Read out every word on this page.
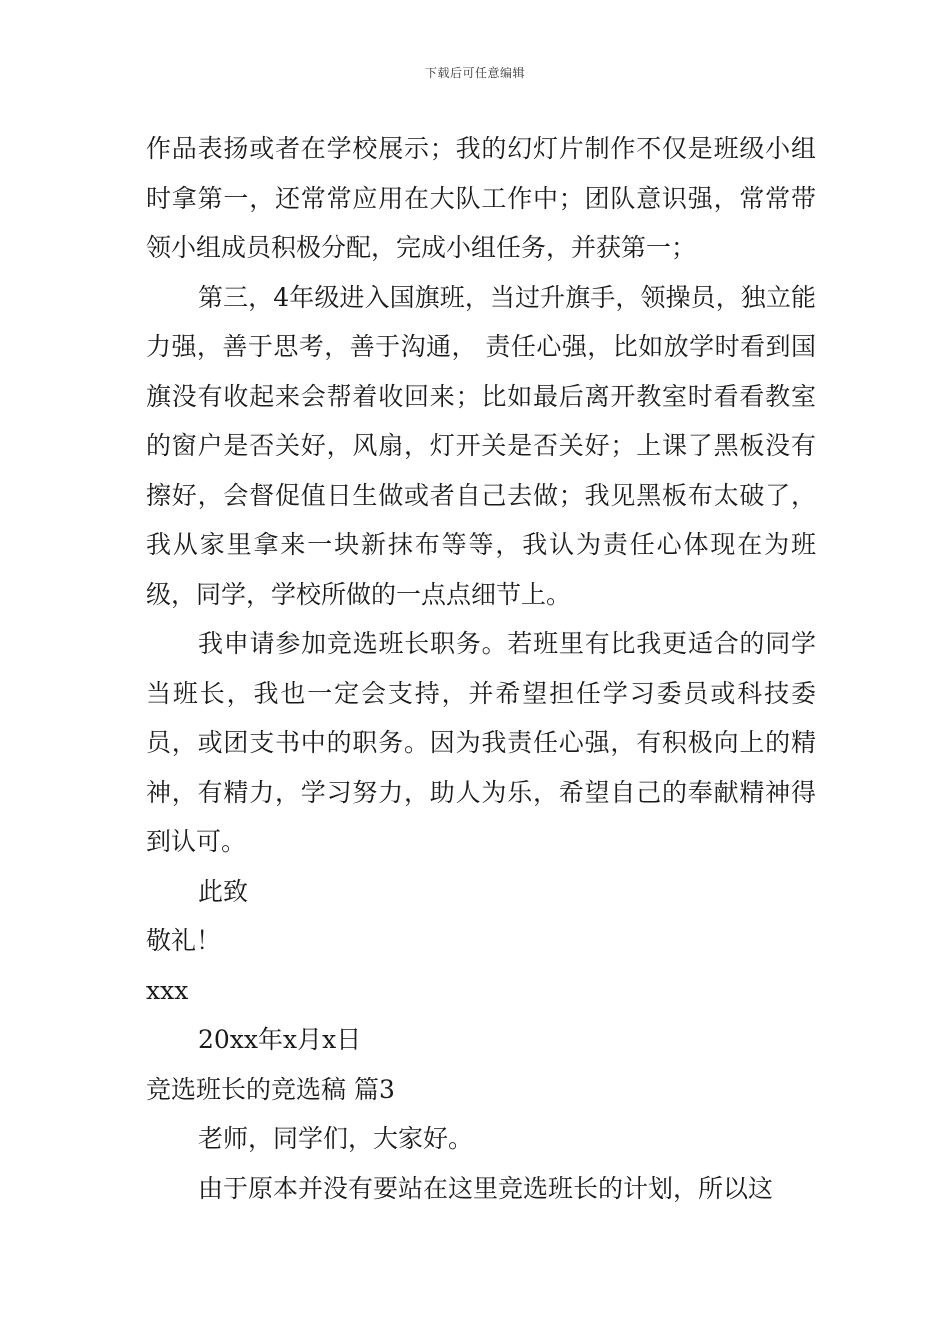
下载后可任意编辑

作品表扬或者在学校展示；我的幻灯片制作不仅是班级小组时拿第一，还常常应用在大队工作中；团队意识强，常常带领小组成员积极分配，完成小组任务，并获第一；

第三，4年级进入国旗班，当过升旗手，领操员，独立能力强，善于思考，善于沟通， 责任心强，比如放学时看到国旗没有收起来会帮着收回来；比如最后离开教室时看看教室的窗户是否关好，风扇，灯开关是否关好；上课了黑板没有擦好，会督促值日生做或者自己去做；我见黑板布太破了，我从家里拿来一块新抹布等等，我认为责任心体现在为班级，同学，学校所做的一点点细节上。

我申请参加竞选班长职务。若班里有比我更适合的同学当班长，我也一定会支持，并希望担任学习委员或科技委员，或团支书中的职务。因为我责任心强，有积极向上的精神，有精力，学习努力，助人为乐，希望自己的奉献精神得到认可。

此致

敬礼！

xxx

20xx年x月x日

竞选班长的竞选稿 篇3

老师，同学们，大家好。

由于原本并没有要站在这里竞选班长的计划，所以这
